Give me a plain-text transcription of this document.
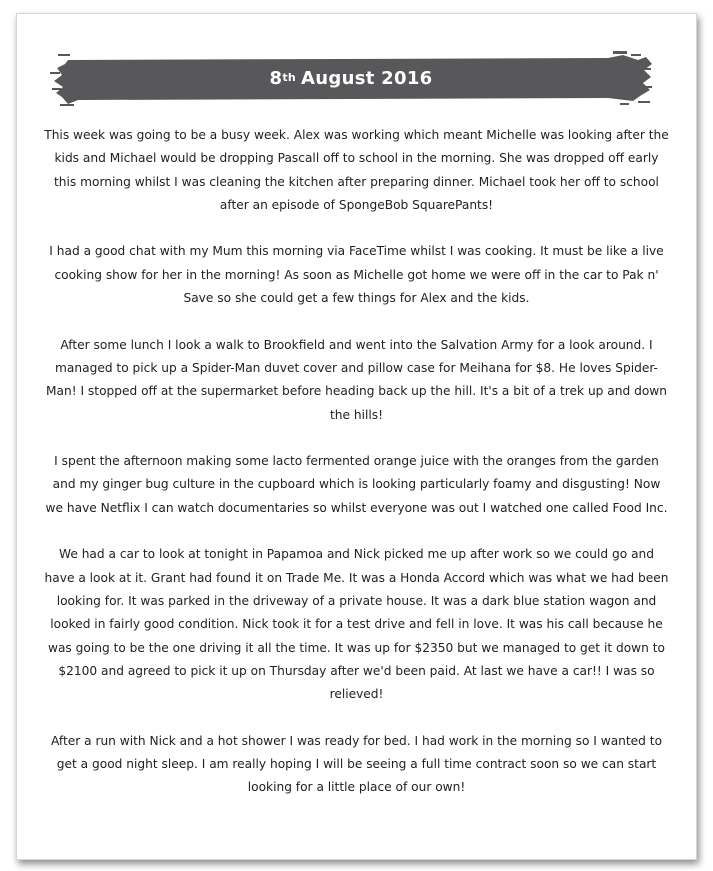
8th August 2016

This week was going to be a busy week. Alex was working which meant Michelle was looking after the kids and Michael would be dropping Pascall off to school in the morning. She was dropped off early this morning whilst I was cleaning the kitchen after preparing dinner. Michael took her off to school after an episode of SpongeBob SquarePants!

I had a good chat with my Mum this morning via FaceTime whilst I was cooking. It must be like a live cooking show for her in the morning! As soon as Michelle got home we were off in the car to Pak n' Save so she could get a few things for Alex and the kids.

After some lunch I look a walk to Brookfield and went into the Salvation Army for a look around. I managed to pick up a Spider-Man duvet cover and pillow case for Meihana for $8. He loves Spider-Man! I stopped off at the supermarket before heading back up the hill. It's a bit of a trek up and down the hills!

I spent the afternoon making some lacto fermented orange juice with the oranges from the garden and my ginger bug culture in the cupboard which is looking particularly foamy and disgusting! Now we have Netflix I can watch documentaries so whilst everyone was out I watched one called Food Inc.

We had a car to look at tonight in Papamoa and Nick picked me up after work so we could go and have a look at it. Grant had found it on Trade Me. It was a Honda Accord which was what we had been looking for. It was parked in the driveway of a private house. It was a dark blue station wagon and looked in fairly good condition. Nick took it for a test drive and fell in love. It was his call because he was going to be the one driving it all the time. It was up for $2350 but we managed to get it down to $2100 and agreed to pick it up on Thursday after we'd been paid. At last we have a car!! I was so relieved!

After a run with Nick and a hot shower I was ready for bed. I had work in the morning so I wanted to get a good night sleep. I am really hoping I will be seeing a full time contract soon so we can start looking for a little place of our own!
